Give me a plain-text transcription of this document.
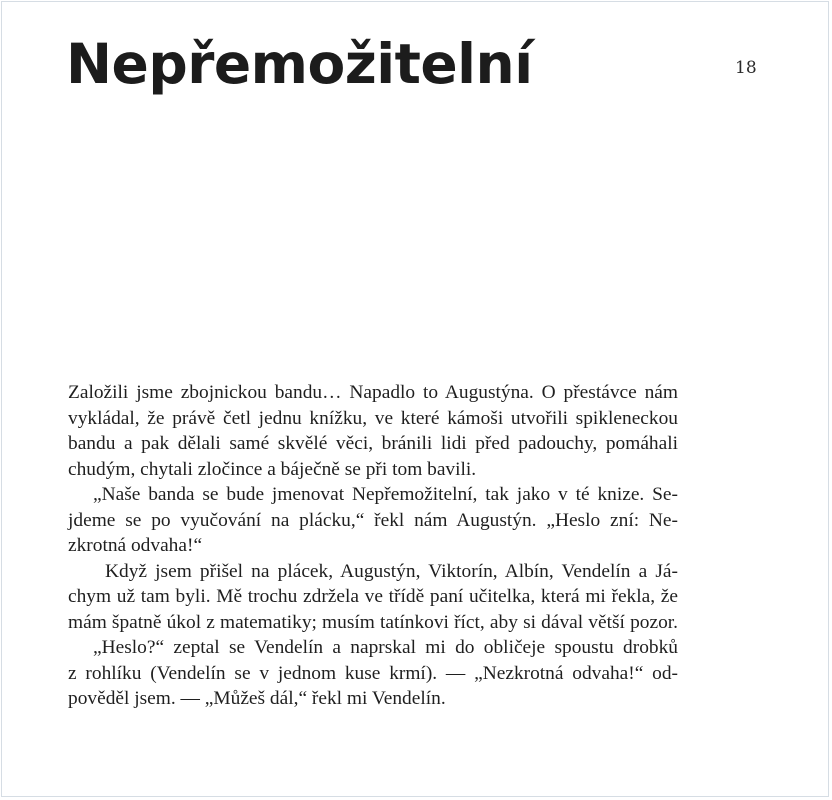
Nepřemožitelní	18
Založili jsme zbojnickou bandu… Napadlo to Augustýna. O přestávce nám
vykládal, že právě četl jednu knížku, ve které kámoši utvořili spikleneckou
bandu a pak dělali samé skvělé věci, bránili lidi před padouchy, pomáhali
chudým, chytali zločince a báječně se při tom bavili.
„Naše banda se bude jmenovat Nepřemožitelní, tak jako v té knize. Se-
jdeme se po vyučování na plácku,“ řekl nám Augustýn. „Heslo zní: Ne-
zkrotná odvaha!“
Když jsem přišel na plácek, Augustýn, Viktorín, Albín, Vendelín a Já-
chym už tam byli. Mě trochu zdržela ve třídě paní učitelka, která mi řekla, že
mám špatně úkol z matematiky; musím tatínkovi říct, aby si dával větší pozor.
„Heslo?“ zeptal se Vendelín a naprskal mi do obličeje spoustu drobků
z rohlíku (Vendelín se v jednom kuse krmí). — „Nezkrotná odvaha!“ od-
pověděl jsem. — „Můžeš dál,“ řekl mi Vendelín.
